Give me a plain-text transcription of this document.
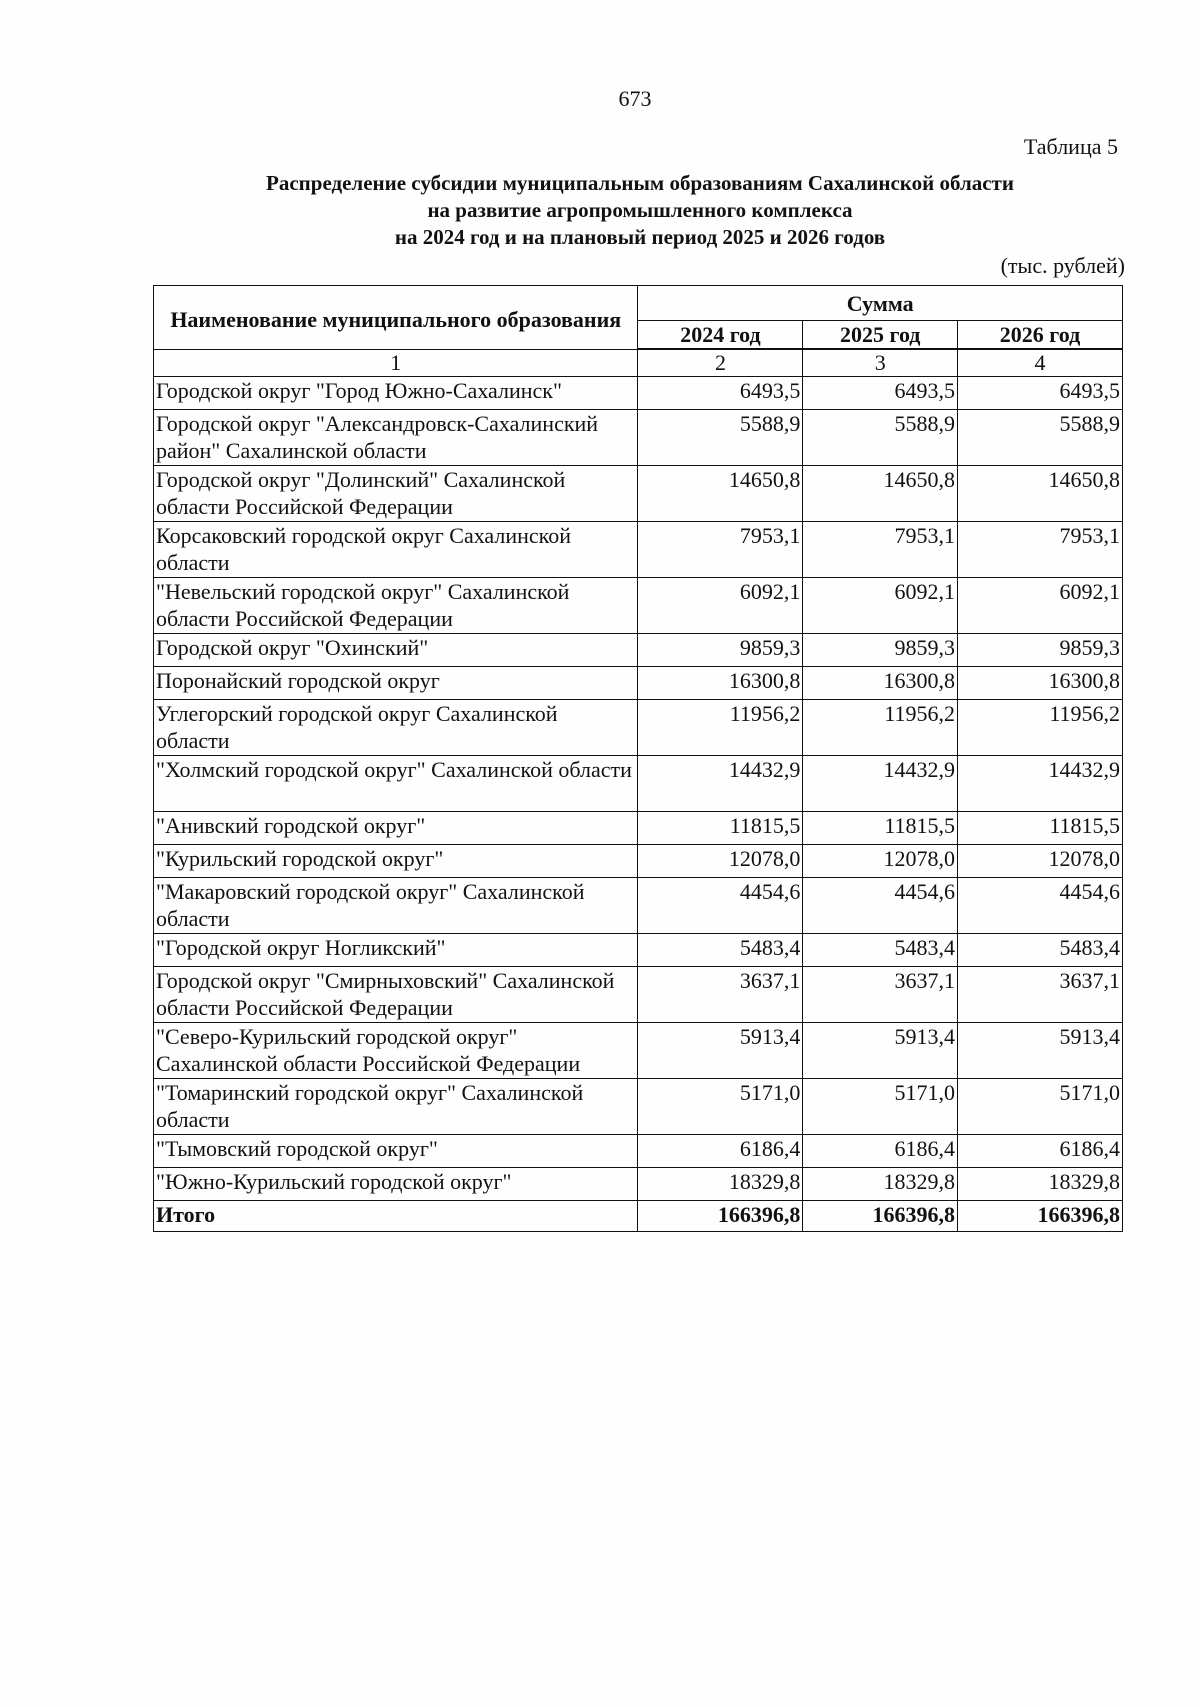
673
Таблица 5
Распределение субсидии муниципальным образованиям Сахалинской области
на развитие агропромышленного комплекса
на 2024 год и на плановый период 2025 и 2026 годов
(тыс. рублей)
Наименование муниципального образования	Сумма		
	2024 год	2025 год	2026 год
1	2	3	4
Городской округ "Город Южно-Сахалинск"	6493,5	6493,5	6493,5
Городской округ "Александровск-Сахалинский район" Сахалинской области	5588,9	5588,9	5588,9
Городской округ "Долинский" Сахалинской области Российской Федерации	14650,8	14650,8	14650,8
Корсаковский городской округ Сахалинской области	7953,1	7953,1	7953,1
"Невельский городской округ" Сахалинской области Российской Федерации	6092,1	6092,1	6092,1
Городской округ "Охинский"	9859,3	9859,3	9859,3
Поронайский городской округ	16300,8	16300,8	16300,8
Углегорский городской округ Сахалинской области	11956,2	11956,2	11956,2
"Холмский городской округ" Сахалинской области	14432,9	14432,9	14432,9
"Анивский городской округ"	11815,5	11815,5	11815,5
"Курильский городской округ"	12078,0	12078,0	12078,0
"Макаровский городской округ" Сахалинской области	4454,6	4454,6	4454,6
"Городской округ Ногликский"	5483,4	5483,4	5483,4
Городской округ "Смирныховский" Сахалинской области Российской Федерации	3637,1	3637,1	3637,1
"Северо-Курильский городской округ" Сахалинской области Российской Федерации	5913,4	5913,4	5913,4
"Томаринский городской округ" Сахалинской области	5171,0	5171,0	5171,0
"Тымовский городской округ"	6186,4	6186,4	6186,4
"Южно-Курильский городской округ"	18329,8	18329,8	18329,8
Итого	166396,8	166396,8	166396,8
